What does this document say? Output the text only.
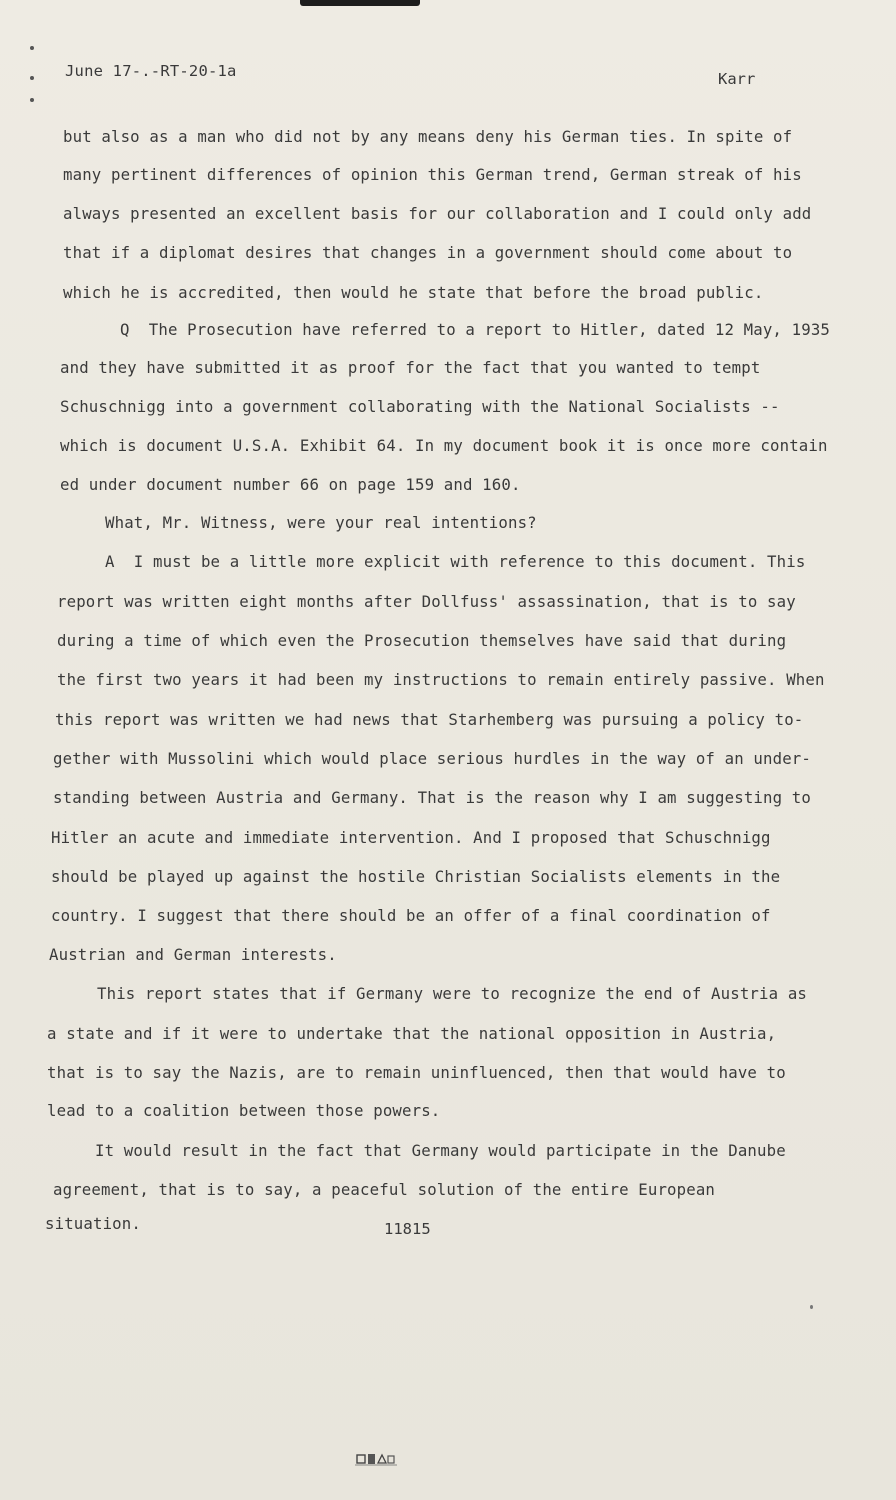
June 17-.-RT-20-1a	Karr
but also as a man who did not by any means deny his German ties. In spite of
many pertinent differences of opinion this German trend, German streak of his
always presented an excellent basis for our collaboration and I could only add
that if a diplomat desires that changes in a government should come about to
which he is accredited, then would he state that before the broad public.
Q  The Prosecution have referred to a report to Hitler, dated 12 May, 1935
and they have submitted it as proof for the fact that you wanted to tempt
Schuschnigg into a government collaborating with the National Socialists --
which is document U.S.A. Exhibit 64. In my document book it is once more contain
ed under document number 66 on page 159 and 160.
What, Mr. Witness, were your real intentions?
A  I must be a little more explicit with reference to this document. This
report was written eight months after Dollfuss' assassination, that is to say
during a time of which even the Prosecution themselves have said that during
the first two years it had been my instructions to remain entirely passive. When
this report was written we had news that Starhemberg was pursuing a policy to-
gether with Mussolini which would place serious hurdles in the way of an under-
standing between Austria and Germany. That is the reason why I am suggesting to
Hitler an acute and immediate intervention. And I proposed that Schuschnigg
should be played up against the hostile Christian Socialists elements in the
country. I suggest that there should be an offer of a final coordination of
Austrian and German interests.
This report states that if Germany were to recognize the end of Austria as
a state and if it were to undertake that the national opposition in Austria,
that is to say the Nazis, are to remain uninfluenced, then that would have to
lead to a coalition between those powers.
It would result in the fact that Germany would participate in the Danube
agreement, that is to say, a peaceful solution of the entire European
situation.	11815
